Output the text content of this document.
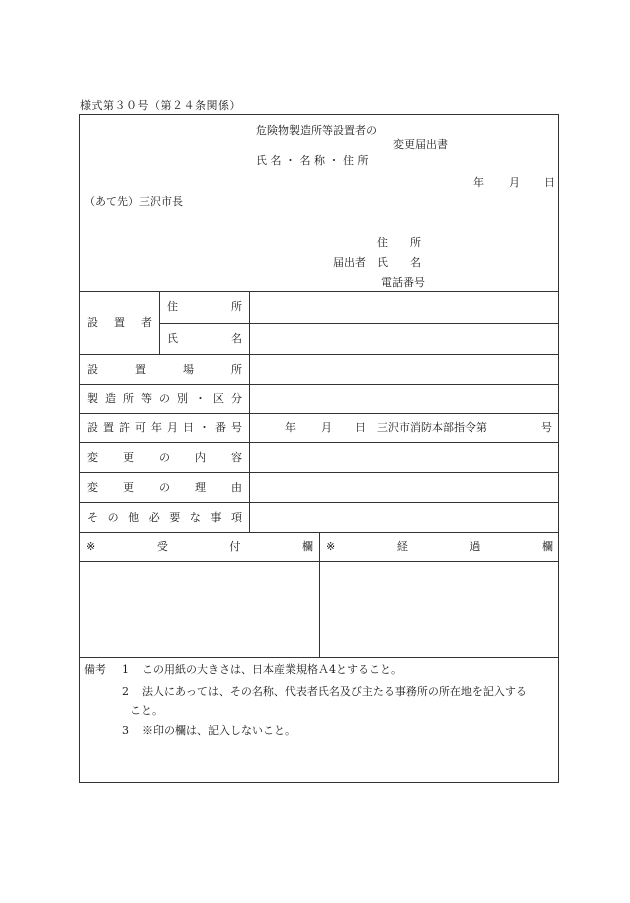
様式第３０号（第２４条関係）
危険物製造所等設置者の
変更届出書
氏 名 ・ 名 称 ・ 住 所
年 月 日
（あて先）三沢市長
住　　所
届出者 氏　　名
電話番号
設 置 者
住	所
氏	名
設	置	場	所
製 造 所 等 の 別 ・ 区 分
設 置 許 可 年 月 日 ・ 番 号	年 月 日 三沢市消防本部指令第	号
変 更 の 内 容
変 更 の 理 由
そ の 他 必 要 な 事 項
※	受	付	欄 ※	経	過	欄
備考 1 この用紙の大きさは、日本産業規格Ａ4とすること。
2 法人にあっては、その名称、代表者氏名及び主たる事務所の所在地を記入する
こと。
3 ※印の欄は、記入しないこと。
